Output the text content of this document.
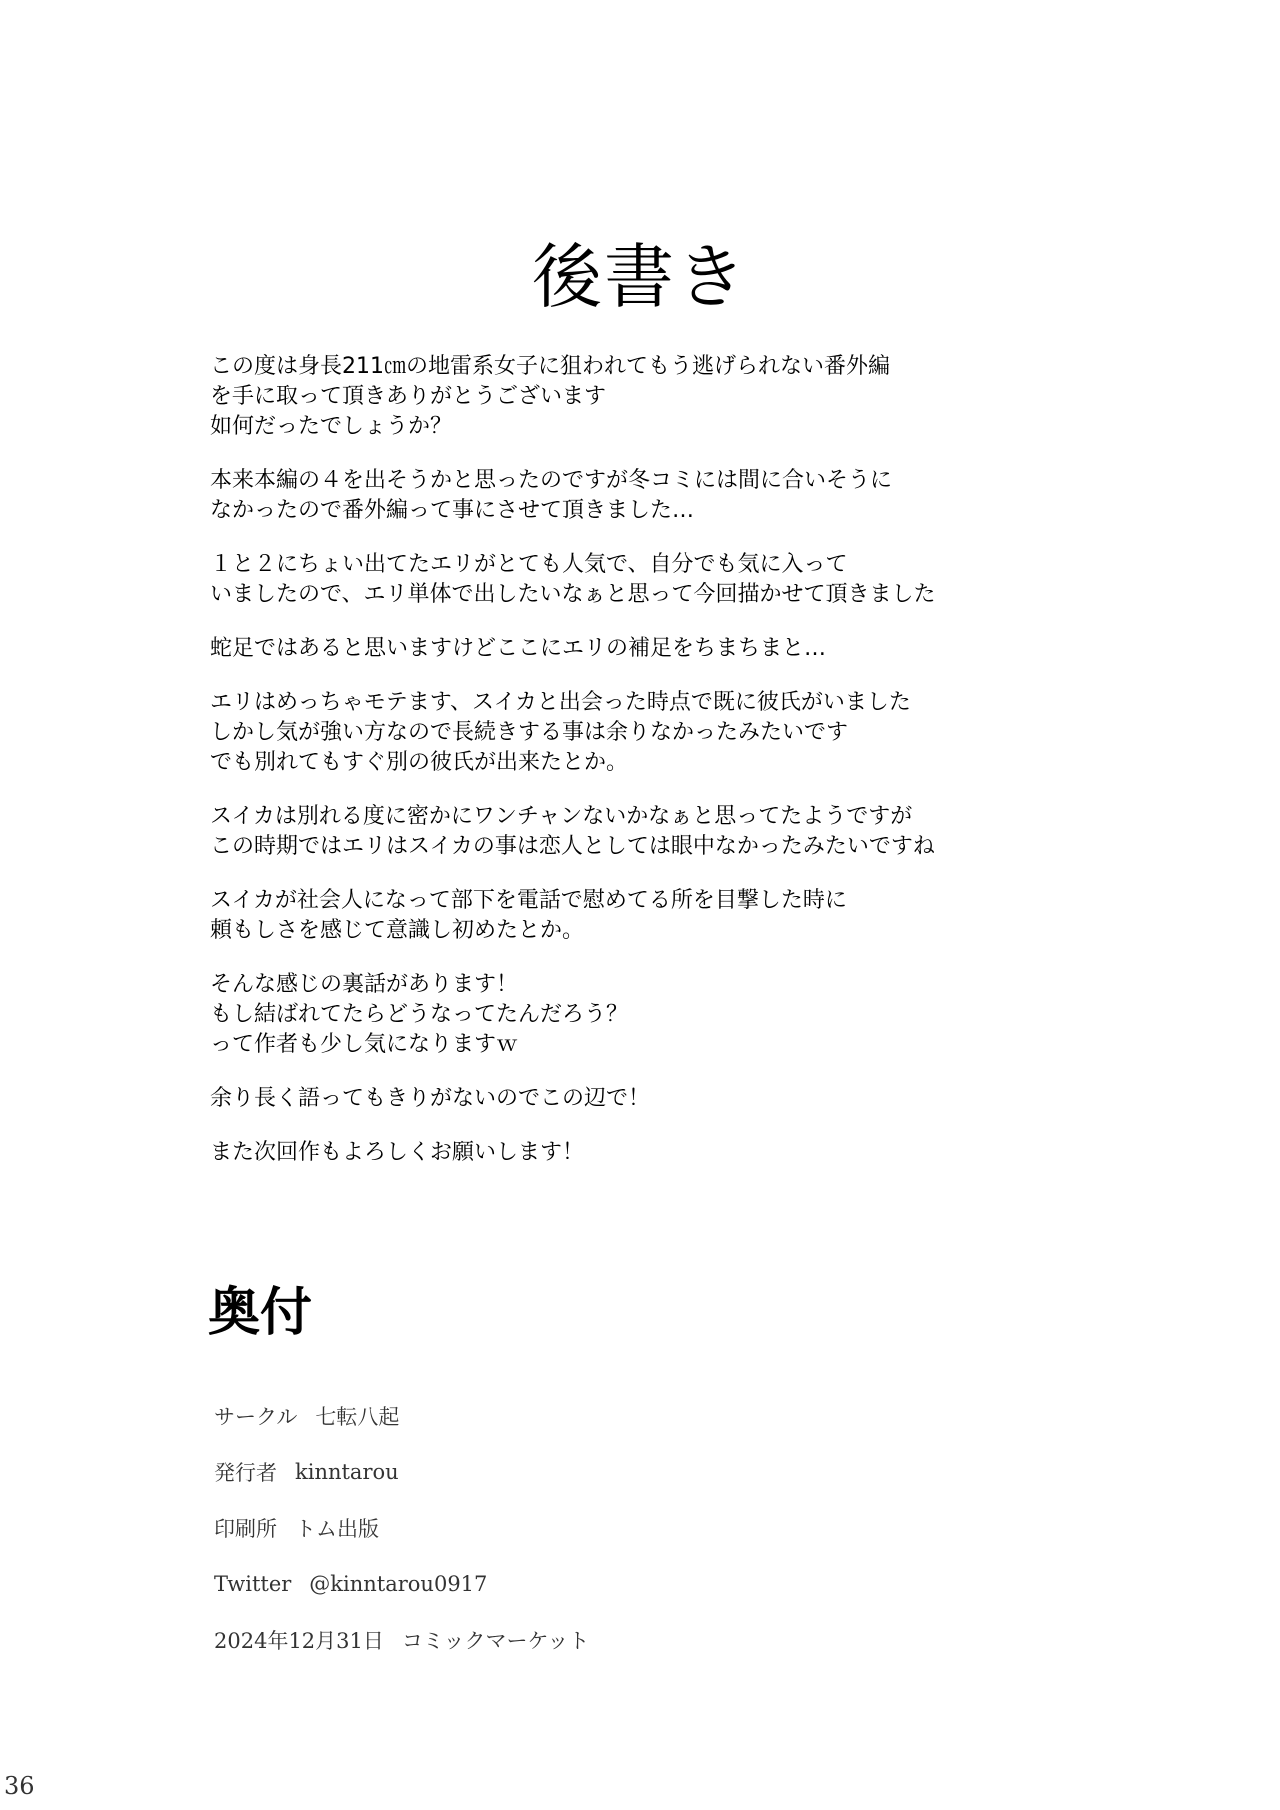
後書き

この度は身長211㎝の地雷系女子に狙われてもう逃げられない番外編
を手に取って頂きありがとうございます
如何だったでしょうか？

本来本編の４を出そうかと思ったのですが冬コミには間に合いそうに
なかったので番外編って事にさせて頂きました…

１と２にちょい出てたエリがとても人気で、自分でも気に入って
いましたので、エリ単体で出したいなぁと思って今回描かせて頂きました

蛇足ではあると思いますけどここにエリの補足をちまちまと…

エリはめっちゃモテます、スイカと出会った時点で既に彼氏がいました
しかし気が強い方なので長続きする事は余りなかったみたいです
でも別れてもすぐ別の彼氏が出来たとか。

スイカは別れる度に密かにワンチャンないかなぁと思ってたようですが
この時期ではエリはスイカの事は恋人としては眼中なかったみたいですね

スイカが社会人になって部下を電話で慰めてる所を目撃した時に
頼もしさを感じて意識し初めたとか。

そんな感じの裏話があります！
もし結ばれてたらどうなってたんだろう？
って作者も少し気になりますｗ

余り長く語ってもきりがないのでこの辺で！

また次回作もよろしくお願いします！

奥付
サークル 七転八起
発行者 kinntarou
印刷所 トム出版
Twitter @kinntarou0917
2024年12月31日 コミックマーケット
36
